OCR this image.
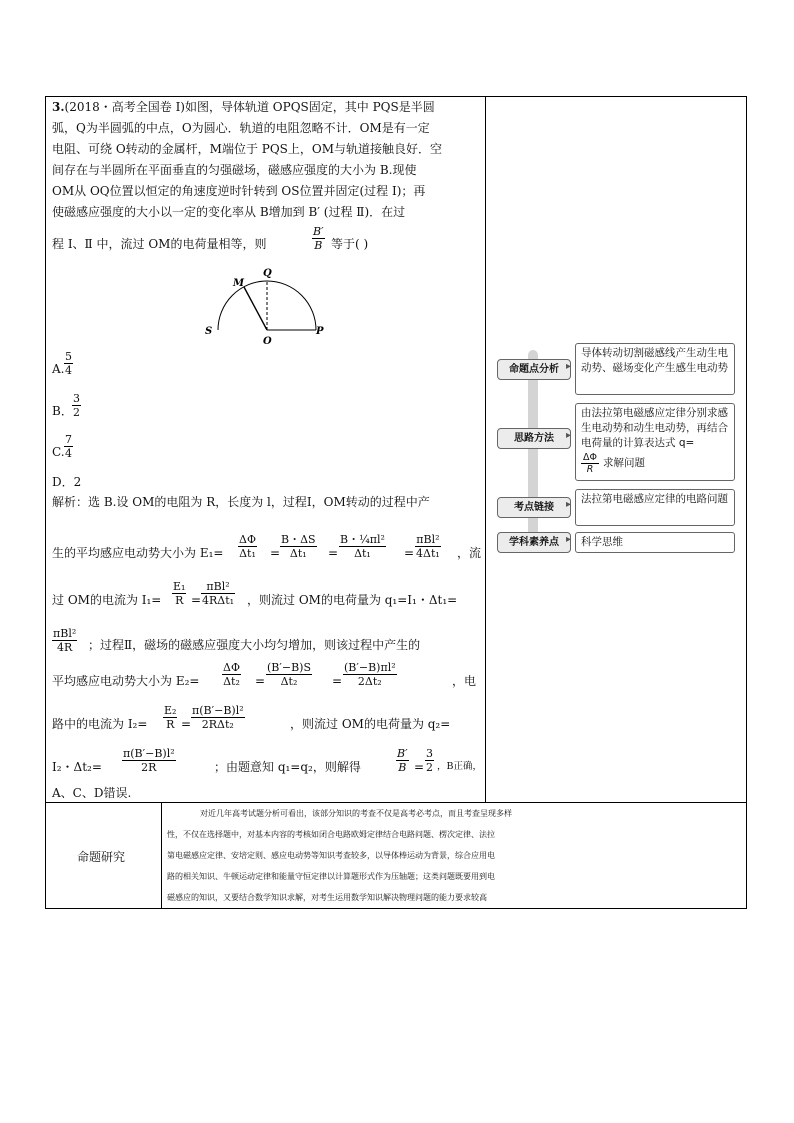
3.(2018・高考全国卷 Ⅰ)如图，导体轨道 OPQS固定，其中 PQS是半圆
弧，Q为半圆弧的中点，O为圆心．轨道的电阻忽略不计．OM是有一定
电阻、可绕 O转动的金属杆，M端位于 PQS上，OM与轨道接触良好．空
间存在与半圆所在平面垂直的匀强磁场，磁感应强度的大小为 B.现使
OM从 OQ位置以恒定的角速度逆时针转到 OS位置并固定(过程 Ⅰ)；再
使磁感应强度的大小以一定的变化率从 B增加到 B′ (过程 Ⅱ)．在过
程 Ⅰ、Ⅱ 中，流过 OM的电荷量相等，则	$\frac{B'}{B}$ 等于( )
M
Q
S
O
P
A. $\frac{5}{4}$
B． $\frac{3}{2}$
C. $\frac{7}{4}$
D．2
解析：选 B.设 OM的电阻为 R，长度为 l，过程Ⅰ，OM转动的过程中产
生的平均感应电动势大小为 $E_1= \frac{\Delta\Phi}{\text{Δt₁}} = \frac{B・\Delta S}{\text{Δt₁}} = \frac{\text{B・¼πl²}}{\text{Δt₁}}$ =
πBl²
4Δt₁ ，流
过 OM的电流为 $I_1= \frac{\text{E₁}}{R}$ =
πBl²
4RΔt₁ ，则流过 OM的电荷量为 q₁=I₁・Δt₁=
πBl²
4R	；过程Ⅱ，磁场的磁感应强度大小均匀增加，则该过程中产生的
平均感应电动势大小为 $E_2= \frac{\Delta\Phi}{\text{Δt₂}} = \frac{(B'-B)S}{\text{Δt₂}} = \frac{\text{(B′−B)πl²}}{\text{2Δt₂}}$	，电
路中的电流为 $I_2= \frac{\text{E₂}}{R}$ =
π(B′−B)l²
2RΔt₂	，则流过 OM的电荷量为 q₂=
I₂・$\Delta t_2= \frac{\text{π(B′−B)l²}}{2R}$	；由题意知 q₁=q₂，则解得	$\frac{B'}{B} = \frac{3}{2}$ ，B正确，
A、C、D错误.
命题点分析 ▸
导体转动切割磁感线产生动生电动势、磁场变化产生感生电动势
思路方法	▸
由法拉第电磁感应定律分别求感生电动势和动生电动势，再结合电荷量的计算表达式 q=
ΔΦ
R
求解问题
考点链接	▸ 法拉第电磁感应定律的电路问题
学科素养点 ▸ 科学思维
命题研究
对近几年高考试题分析可看出，该部分知识的考查不仅是高考必考点，而且考查呈现多样
性，不仅在选择题中，对基本内容的考核如闭合电路欧姆定律结合电路问题、楞次定律、法拉
第电磁感应定律、安培定则、感应电动势等知识考查较多，以导体棒运动为背景，综合应用电
路的相关知识、牛顿运动定律和能量守恒定律以计算题形式作为压轴题；这类问题既要用到电
磁感应的知识，又要结合数学知识求解，对考生运用数学知识解决物理问题的能力要求较高
